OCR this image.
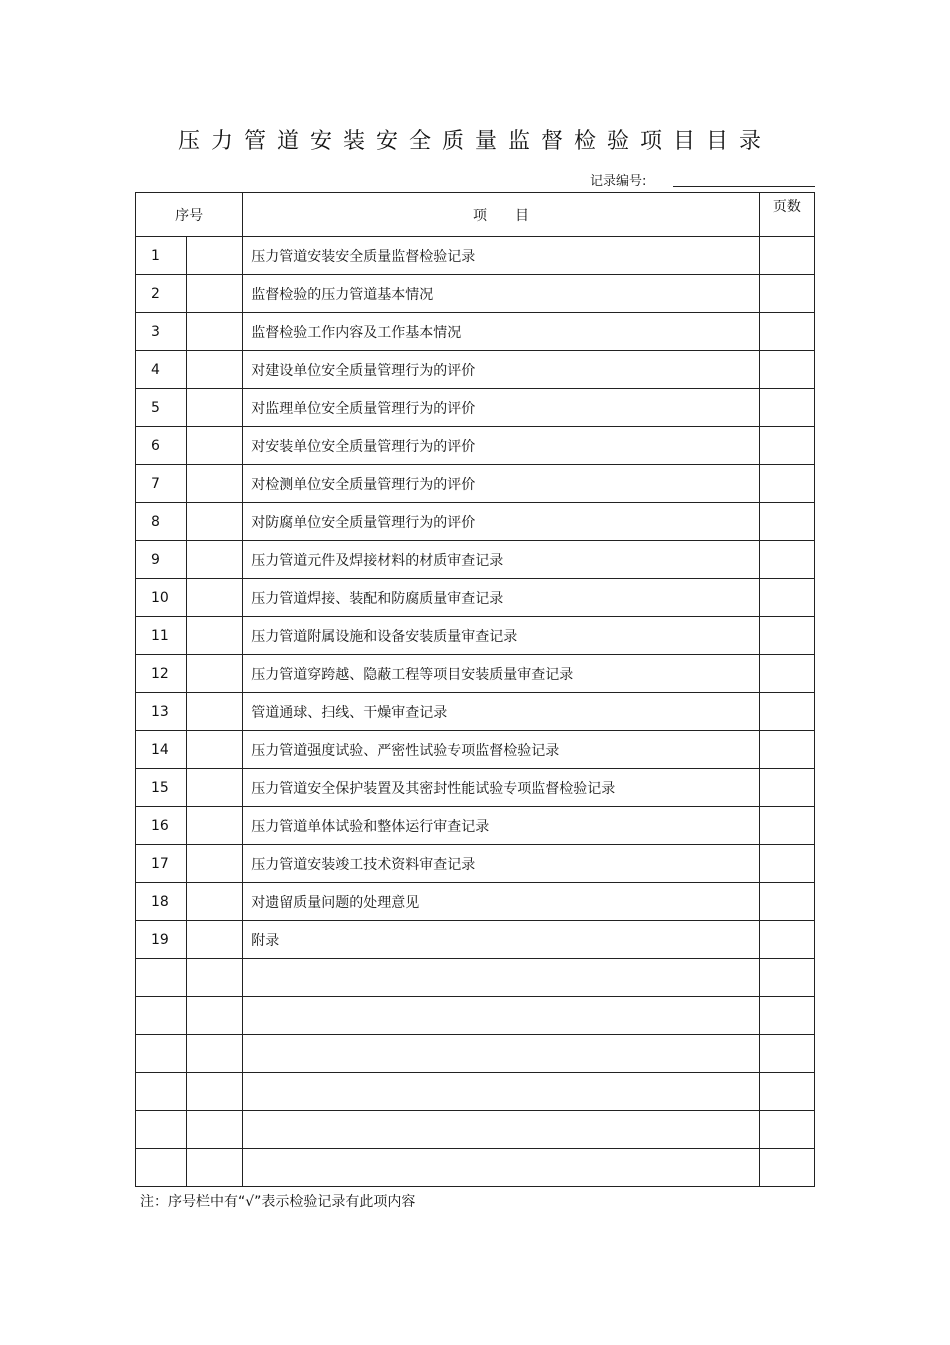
压力管道安装安全质量监督检验项目目录
记录编号:
序号		项　　目	页数
1		压力管道安装安全质量监督检验记录	
2		监督检验的压力管道基本情况	
3		监督检验工作内容及工作基本情况	
4		对建设单位安全质量管理行为的评价	
5		对监理单位安全质量管理行为的评价	
6		对安装单位安全质量管理行为的评价	
7		对检测单位安全质量管理行为的评价	
8		对防腐单位安全质量管理行为的评价	
9		压力管道元件及焊接材料的材质审查记录	
10		压力管道焊接、装配和防腐质量审查记录	
11		压力管道附属设施和设备安装质量审查记录	
12		压力管道穿跨越、隐蔽工程等项目安装质量审查记录	
13		管道通球、扫线、干燥审查记录	
14		压力管道强度试验、严密性试验专项监督检验记录	
15		压力管道安全保护装置及其密封性能试验专项监督检验记录	
16		压力管道单体试验和整体运行审查记录	
17		压力管道安装竣工技术资料审查记录	
18		对遗留质量问题的处理意见	
19		附录	

注：序号栏中有“√”表示检验记录有此项内容
